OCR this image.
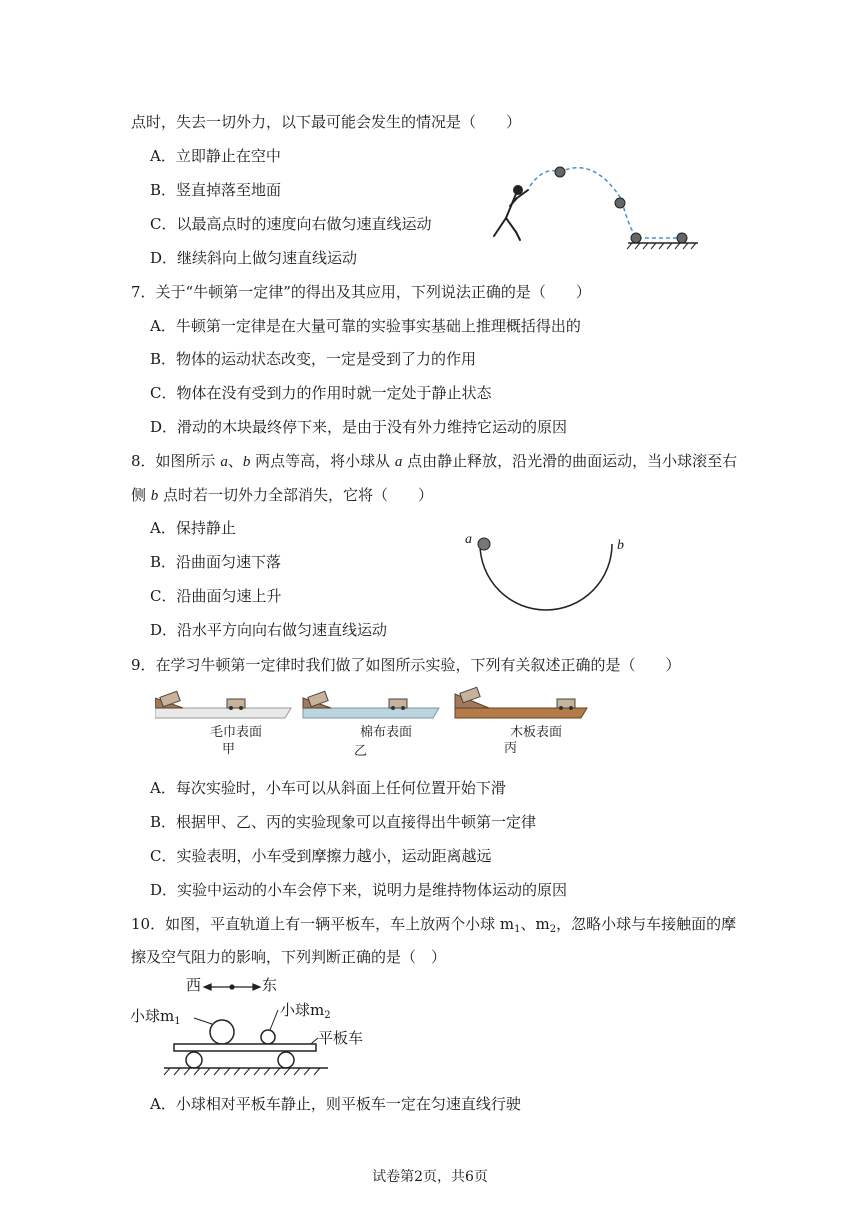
点时，失去一切外力，以下最可能会发生的情况是（　　）
A．立即静止在空中
B．竖直掉落至地面
C．以最高点时的速度向右做匀速直线运动
D．继续斜向上做匀速直线运动
7．关于“牛顿第一定律”的得出及其应用，下列说法正确的是（　　）
A．牛顿第一定律是在大量可靠的实验事实基础上推理概括得出的
B．物体的运动状态改变，一定是受到了力的作用
C．物体在没有受到力的作用时就一定处于静止状态
D．滑动的木块最终停下来，是由于没有外力维持它运动的原因
8．如图所示 a、b 两点等高，将小球从 a 点由静止释放，沿光滑的曲面运动，当小球滚至右
侧 b 点时若一切外力全部消失，它将（　　）
A．保持静止
B．沿曲面匀速下落
C．沿曲面匀速上升
D．沿水平方向向右做匀速直线运动
a	b
9．在学习牛顿第一定律时我们做了如图所示实验，下列有关叙述正确的是（　　）
毛巾表面
甲
棉布表面
乙
木板表面
丙
A．每次实验时，小车可以从斜面上任何位置开始下滑
B．根据甲、乙、丙的实验现象可以直接得出牛顿第一定律
C．实验表明，小车受到摩擦力越小，运动距离越远
D．实验中运动的小车会停下来，说明力是维持物体运动的原因
10．如图，平直轨道上有一辆平板车，车上放两个小球 $m_1$、$m_2$，忽略小球与车接触面的摩
擦及空气阻力的影响，下列判断正确的是（　）
西	东
小球$m_1$
小球$m_2$
平板车
A．小球相对平板车静止，则平板车一定在匀速直线行驶
试卷第2页，共6页
